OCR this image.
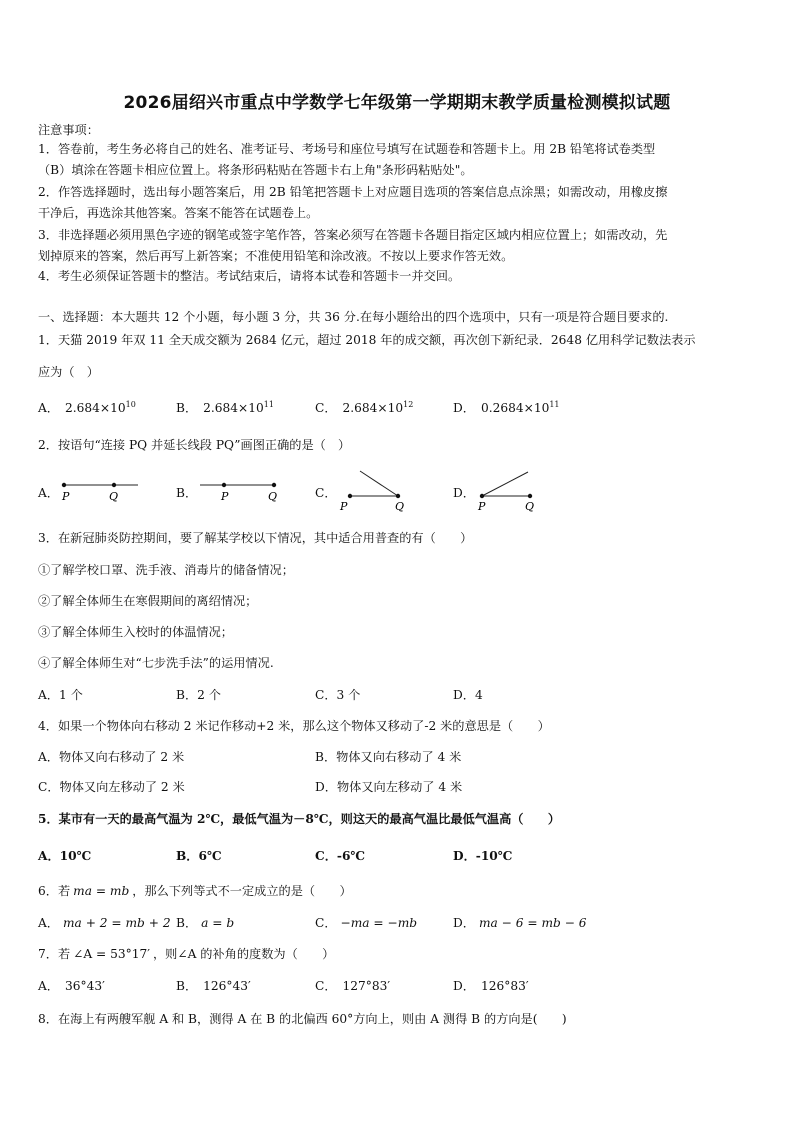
2026届绍兴市重点中学数学七年级第一学期期末教学质量检测模拟试题
注意事项：
1．答卷前，考生务必将自己的姓名、准考证号、考场号和座位号填写在试题卷和答题卡上。用 2B 铅笔将试卷类型
（B）填涂在答题卡相应位置上。将条形码粘贴在答题卡右上角"条形码粘贴处"。
2．作答选择题时，选出每小题答案后，用 2B 铅笔把答题卡上对应题目选项的答案信息点涂黑；如需改动，用橡皮擦
干净后，再选涂其他答案。答案不能答在试题卷上。
3．非选择题必须用黑色字迹的钢笔或签字笔作答，答案必须写在答题卡各题目指定区域内相应位置上；如需改动，先
划掉原来的答案，然后再写上新答案；不准使用铅笔和涂改液。不按以上要求作答无效。
4．考生必须保证答题卡的整洁。考试结束后，请将本试卷和答题卡一并交回。
一、选择题：本大题共 12 个小题，每小题 3 分，共 36 分.在每小题给出的四个选项中，只有一项是符合题目要求的.
1．天猫 2019 年双 11 全天成交额为 2684 亿元，超过 2018 年的成交额，再次创下新纪录．2648 亿用科学记数法表示
应为（　）
A． $2.684\times 10^{10}$	B． $2.684\times 10^{11}$	C． $2.684\times 10^{12}$	D． $0.2684\times 10^{11}$
2．按语句“连接 PQ 并延长线段 PQ”画图正确的是（　）
A． P	Q	B． P	Q	C．
P	Q
D．
P	Q
3．在新冠肺炎防控期间，要了解某学校以下情况，其中适合用普查的有（　　）
①了解学校口罩、洗手液、消毒片的储备情况；
②了解全体师生在寒假期间的离绍情况；
③了解全体师生入校时的体温情况；
④了解全体师生对“七步洗手法”的运用情况.
A．1 个	B．2 个	C．3 个	D．4
4．如果一个物体向右移动 2 米记作移动+2 米，那么这个物体又移动了-2 米的意思是（　　）
A．物体又向右移动了 2 米	B．物体又向右移动了 4 米
C．物体又向左移动了 2 米	D．物体又向左移动了 4 米
5．某市有一天的最高气温为 2℃，最低气温为－8℃，则这天的最高气温比最低气温高（　　）
A．10℃	B．6℃	C．-6℃	D．-10℃
6．若 ma = mb ，那么下列等式不一定成立的是（　　）
A． ma + 2 = mb + 2 B． a = b	C． −ma = −mb	D． ma − 6 = mb − 6
7．若 ∠A = 53°17′ ，则∠A 的补角的度数为（　　）
A． 36°43′	B． 126°43′	C． 127°83′	D． 126°83′
8．在海上有两艘军舰 A 和 B，测得 A 在 B 的北偏西 60°方向上，则由 A 测得 B 的方向是(　　)
